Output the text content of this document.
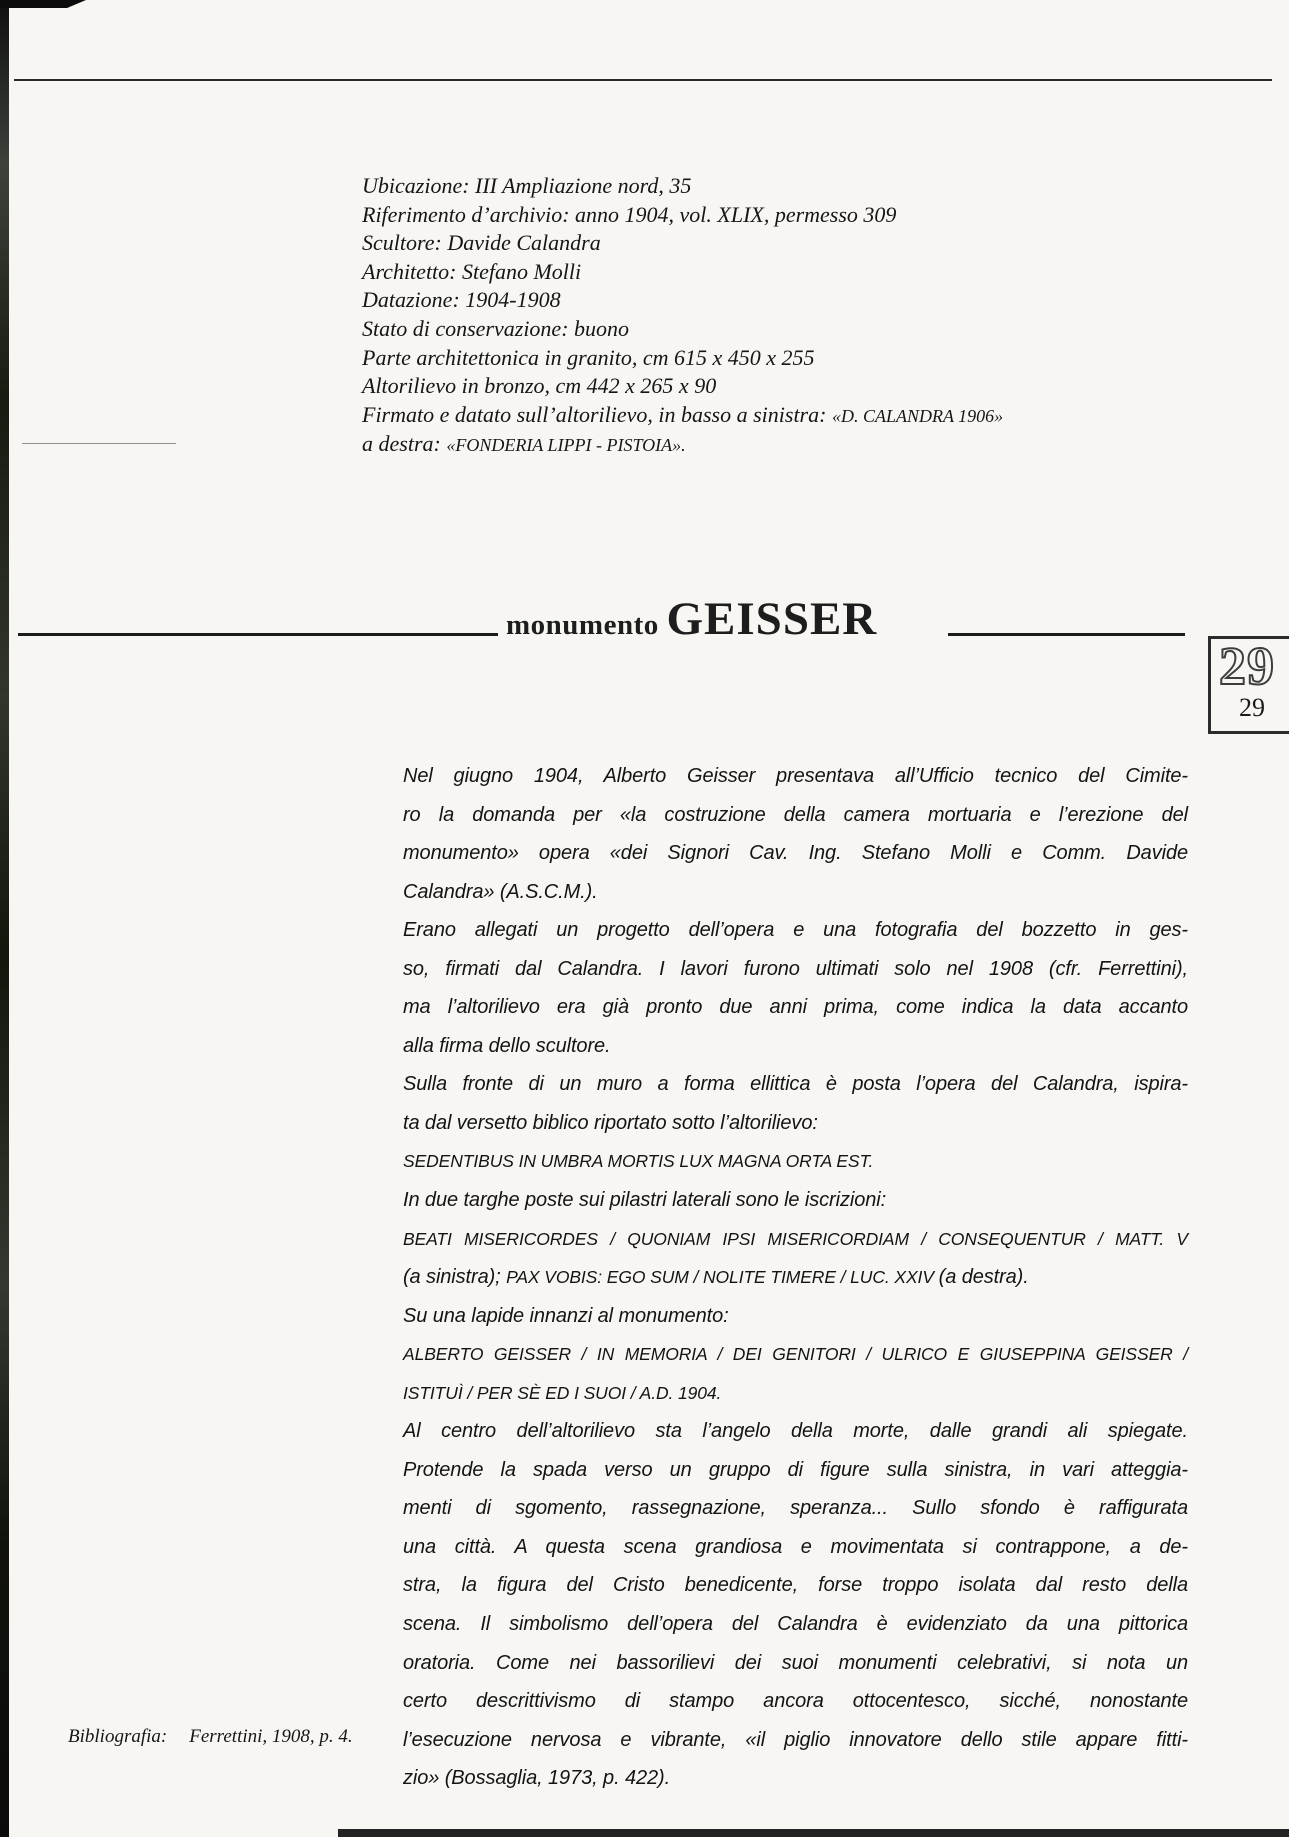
Ubicazione: III Ampliazione nord, 35
Riferimento d’archivio: anno 1904, vol. XLIX, permesso 309
Scultore: Davide Calandra
Architetto: Stefano Molli
Datazione: 1904-1908
Stato di conservazione: buono
Parte architettonica in granito, cm 615 x 450 x 255
Altorilievo in bronzo, cm 442 x 265 x 90
Firmato e datato sull’altorilievo, in basso a sinistra: «D. CALANDRA 1906»
a destra: «FONDERIA LIPPI - PISTOIA».
monumento GEISSER
29
29
Nel giugno 1904, Alberto Geisser presentava all’Ufficio tecnico del Cimite-
ro la domanda per «la costruzione della camera mortuaria e l’erezione del
monumento» opera «dei Signori Cav. Ing. Stefano Molli e Comm. Davide
Calandra» (A.S.C.M.).
Erano allegati un progetto dell’opera e una fotografia del bozzetto in ges-
so, firmati dal Calandra. I lavori furono ultimati solo nel 1908 (cfr. Ferrettini),
ma l’altorilievo era già pronto due anni prima, come indica la data accanto
alla firma dello scultore.
Sulla fronte di un muro a forma ellittica è posta l’opera del Calandra, ispira-
ta dal versetto biblico riportato sotto l’altorilievo:
SEDENTIBUS IN UMBRA MORTIS LUX MAGNA ORTA EST.
In due targhe poste sui pilastri laterali sono le iscrizioni:
BEATI MISERICORDES / QUONIAM IPSI MISERICORDIAM / CONSEQUENTUR / MATT. V
(a sinistra); PAX VOBIS: EGO SUM / NOLITE TIMERE / LUC. XXIV (a destra).
Su una lapide innanzi al monumento:
ALBERTO GEISSER / IN MEMORIA / DEI GENITORI / ULRICO E GIUSEPPINA GEISSER /
ISTITUÌ / PER SÈ ED I SUOI / A.D. 1904.
Al centro dell’altorilievo sta l’angelo della morte, dalle grandi ali spiegate.
Protende la spada verso un gruppo di figure sulla sinistra, in vari atteggia-
menti di sgomento, rassegnazione, speranza... Sullo sfondo è raffigurata
una città. A questa scena grandiosa e movimentata si contrappone, a de-
stra, la figura del Cristo benedicente, forse troppo isolata dal resto della
scena. Il simbolismo dell’opera del Calandra è evidenziato da una pittorica
oratoria. Come nei bassorilievi dei suoi monumenti celebrativi, si nota un
certo descrittivismo di stampo ancora ottocentesco, sicché, nonostante
l’esecuzione nervosa e vibrante, «il piglio innovatore dello stile appare fitti-
zio» (Bossaglia, 1973, p. 422).
Bibliografia: Ferrettini, 1908, p. 4.
